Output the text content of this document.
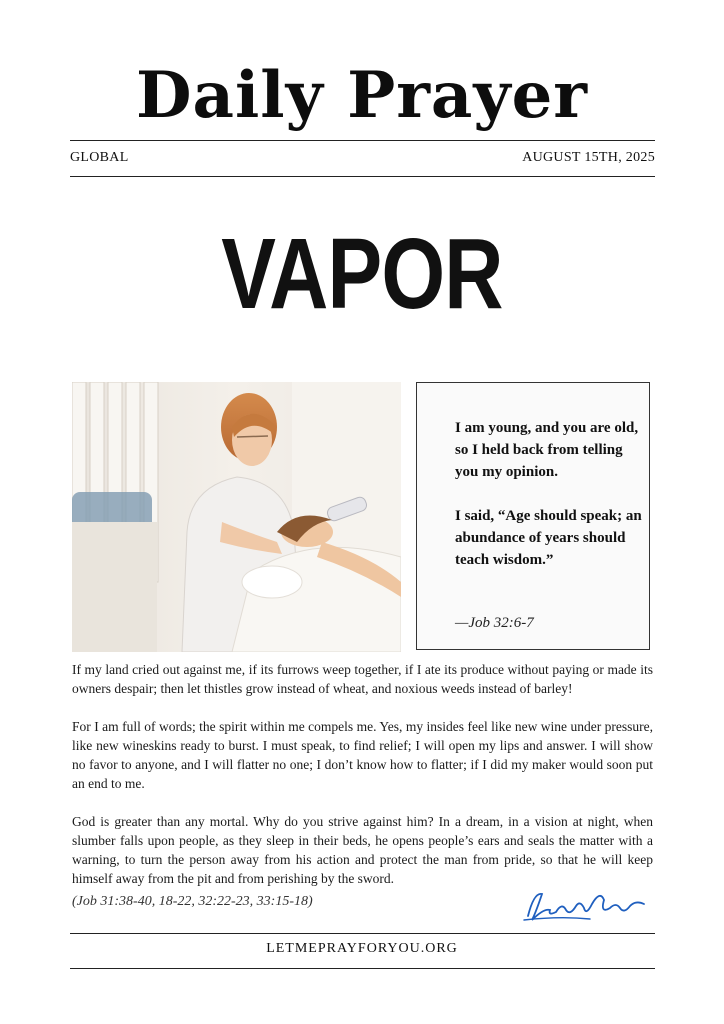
Daily Prayer
GLOBAL	AUGUST 15TH, 2025
VAPOR

I am young, and you are old, so I held back from telling you my opinion.

I said, “Age should speak; an abundance of years should teach wisdom.”

—Job 32:6-7

If my land cried out against me, if its furrows weep together, if I ate its produce without paying or made its owners despair; then let thistles grow instead of wheat, and noxious weeds instead of barley!

For I am full of words; the spirit within me compels me. Yes, my insides feel like new wine under pressure, like new wineskins ready to burst. I must speak, to find relief; I will open my lips and answer. I will show no favor to anyone, and I will flatter no one; I don’t know how to flatter; if I did my maker would soon put an end to me.

God is greater than any mortal. Why do you strive against him? In a dream, in a vision at night, when slumber falls upon people, as they sleep in their beds, he opens people’s ears and seals the matter with a warning, to turn the person away from his action and protect the man from pride, so that he will keep himself away from the pit and from perishing by the sword.

(Job 31:38-40, 18-22, 32:22-23, 33:15-18)
LETMEPRAYFORYOU.ORG
